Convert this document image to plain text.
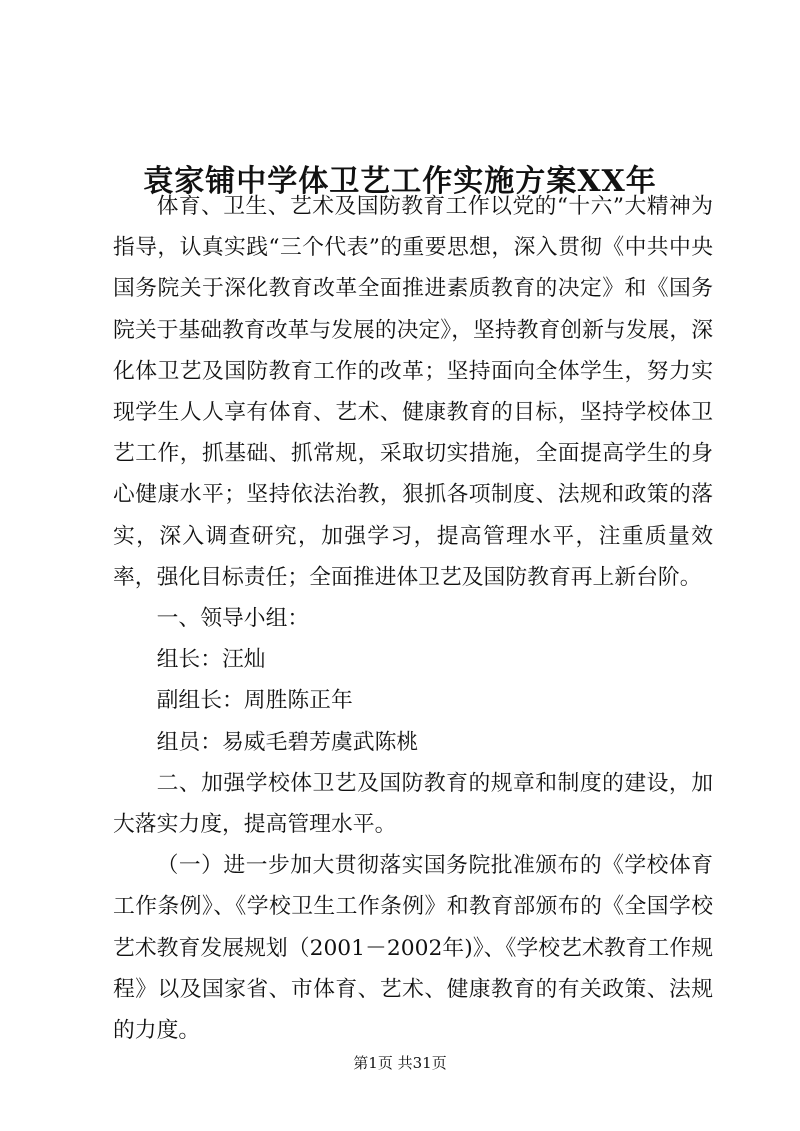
袁家铺中学体卫艺工作实施方案XX年

体育、卫生、艺术及国防教育工作以党的“十六”大精神为指导，认真实践“三个代表”的重要思想，深入贯彻《中共中央国务院关于深化教育改革全面推进素质教育的决定》和《国务院关于基础教育改革与发展的决定》，坚持教育创新与发展，深化体卫艺及国防教育工作的改革；坚持面向全体学生，努力实现学生人人享有体育、艺术、健康教育的目标，坚持学校体卫艺工作，抓基础、抓常规，采取切实措施，全面提高学生的身心健康水平；坚持依法治教，狠抓各项制度、法规和政策的落实，深入调查研究，加强学习，提高管理水平，注重质量效率，强化目标责任；全面推进体卫艺及国防教育再上新台阶。

一、领导小组：

组长：汪灿

副组长：周胜陈正年

组员：易威毛碧芳虞武陈桃

二、加强学校体卫艺及国防教育的规章和制度的建设，加大落实力度，提高管理水平。

（一）进一步加大贯彻落实国务院批准颁布的《学校体育工作条例》、《学校卫生工作条例》和教育部颁布的《全国学校艺术教育发展规划（2001－2002年)》、《学校艺术教育工作规程》以及国家省、市体育、艺术、健康教育的有关政策、法规的力度。

第1页 共31页
